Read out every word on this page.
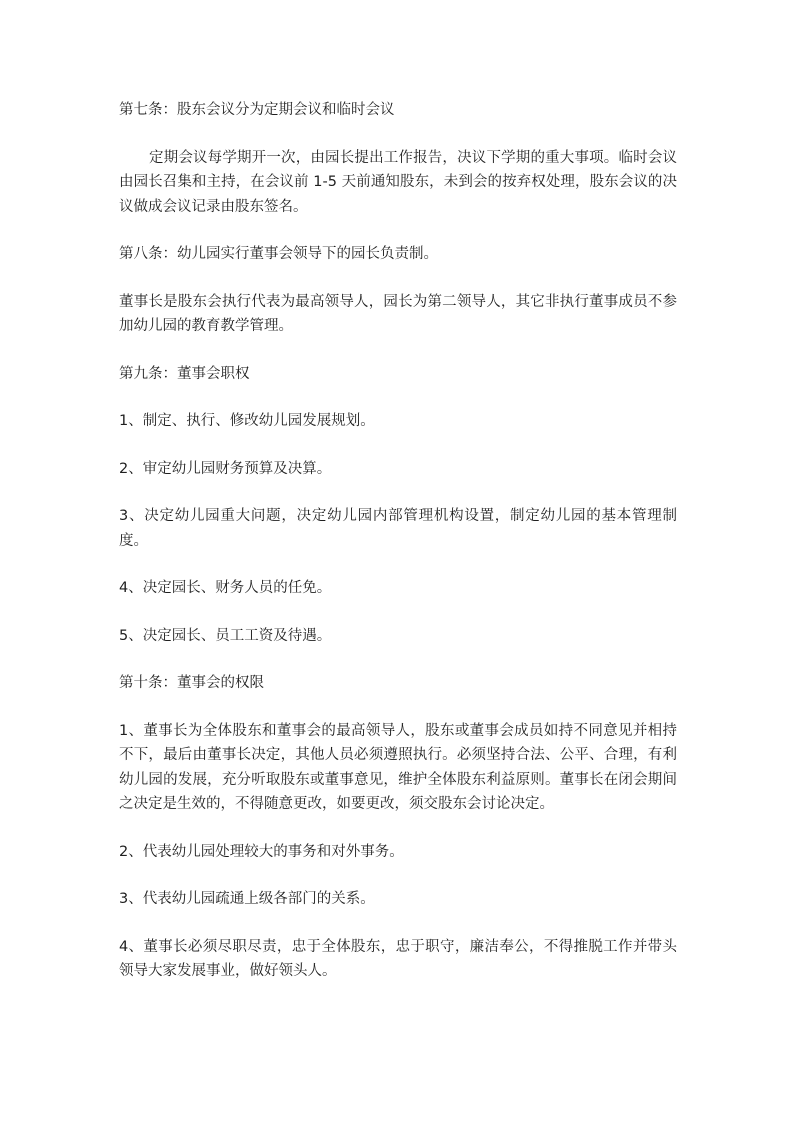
第七条：股东会议分为定期会议和临时会议

定期会议每学期开一次，由园长提出工作报告，决议下学期的重大事项。临时会议由园长召集和主持，在会议前 1-5 天前通知股东，未到会的按弃权处理，股东会议的决议做成会议记录由股东签名。

第八条：幼儿园实行董事会领导下的园长负责制。

董事长是股东会执行代表为最高领导人，园长为第二领导人，其它非执行董事成员不参加幼儿园的教育教学管理。

第九条：董事会职权

1、制定、执行、修改幼儿园发展规划。

2、审定幼儿园财务预算及决算。

3、决定幼儿园重大问题，决定幼儿园内部管理机构设置，制定幼儿园的基本管理制度。

4、决定园长、财务人员的任免。

5、决定园长、员工工资及待遇。

第十条：董事会的权限

1、董事长为全体股东和董事会的最高领导人，股东或董事会成员如持不同意见并相持不下，最后由董事长决定，其他人员必须遵照执行。必须坚持合法、公平、合理，有利幼儿园的发展，充分听取股东或董事意见，维护全体股东利益原则。董事长在闭会期间之决定是生效的，不得随意更改，如要更改，须交股东会讨论决定。

2、代表幼儿园处理较大的事务和对外事务。

3、代表幼儿园疏通上级各部门的关系。

4、董事长必须尽职尽责，忠于全体股东，忠于职守，廉洁奉公，不得推脱工作并带头领导大家发展事业，做好领头人。
